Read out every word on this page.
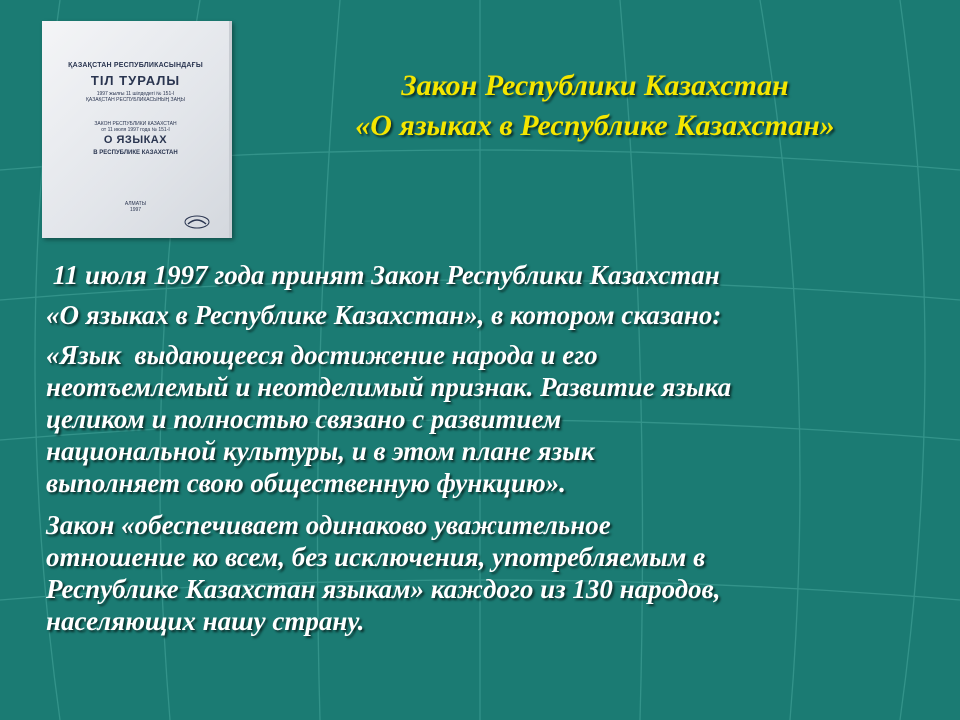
ҚАЗАҚСТАН РЕСПУБЛИКАСЫНДАҒЫ
ТІЛ ТУРАЛЫ
1997 жылғы 11 шілдедегі № 151-І
ҚАЗАҚСТАН РЕСПУБЛИКАСЫНЫҢ ЗАҢЫ
ЗАКОН РЕСПУБЛИКИ КАЗАХСТАН
от 11 июля 1997 года № 151-І
О ЯЗЫКАХ
В РЕСПУБЛИКЕ КАЗАХСТАН
АЛМАТЫ
1997
Закон Республики Казахстан
«О языках в Республике Казахстан»
11 июля 1997 года принят Закон Республики Казахстан
«О языках в Республике Казахстан», в котором сказано:
«Язык  выдающееся достижение народа и его
неотъемлемый и неотделимый признак. Развитие языка
целиком и полностью связано с развитием
национальной культуры, и в этом плане язык
выполняет свою общественную функцию».
Закон «обеспечивает одинаково уважительное
отношение ко всем, без исключения, употребляемым в
Республике Казахстан языкам» каждого из 130 народов,
населяющих нашу страну.
